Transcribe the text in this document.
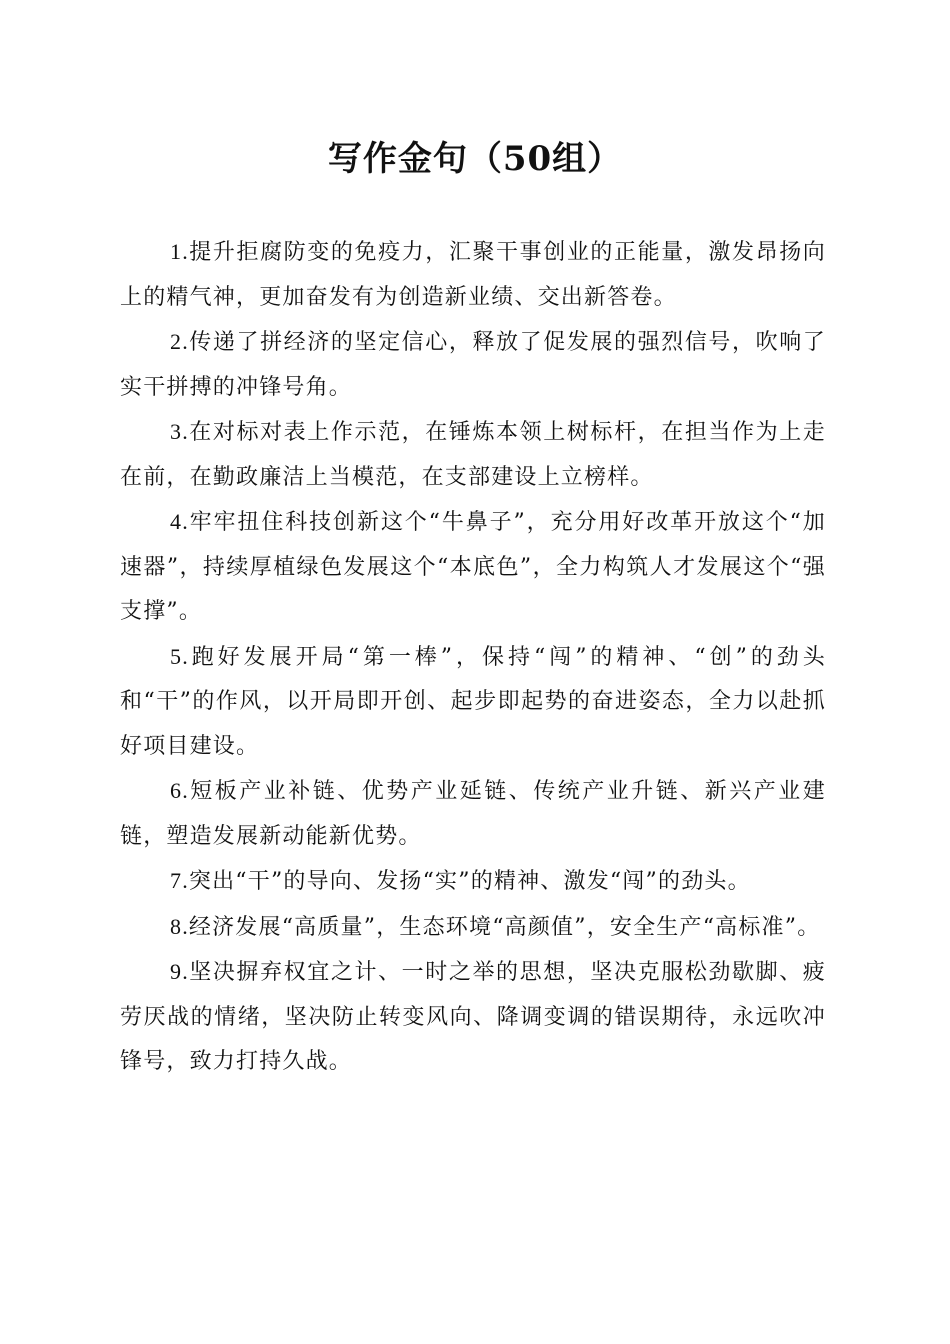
写作金句（50组）

1.提升拒腐防变的免疫力，汇聚干事创业的正能量，激发昂扬向上的精气神，更加奋发有为创造新业绩、交出新答卷。

2.传递了拼经济的坚定信心，释放了促发展的强烈信号，吹响了实干拼搏的冲锋号角。

3.在对标对表上作示范，在锤炼本领上树标杆，在担当作为上走在前，在勤政廉洁上当模范，在支部建设上立榜样。

4.牢牢扭住科技创新这个“牛鼻子”，充分用好改革开放这个“加速器”，持续厚植绿色发展这个“本底色”，全力构筑人才发展这个“强支撑”。

5.跑好发展开局“第一棒”，保持“闯”的精神、“创”的劲头和“干”的作风，以开局即开创、起步即起势的奋进姿态，全力以赴抓好项目建设。

6.短板产业补链、优势产业延链、传统产业升链、新兴产业建链，塑造发展新动能新优势。

7.突出“干”的导向、发扬“实”的精神、激发“闯”的劲头。

8.经济发展“高质量”，生态环境“高颜值”，安全生产“高标准”。

9.坚决摒弃权宜之计、一时之举的思想，坚决克服松劲歇脚、疲劳厌战的情绪，坚决防止转变风向、降调变调的错误期待，永远吹冲锋号，致力打持久战。
